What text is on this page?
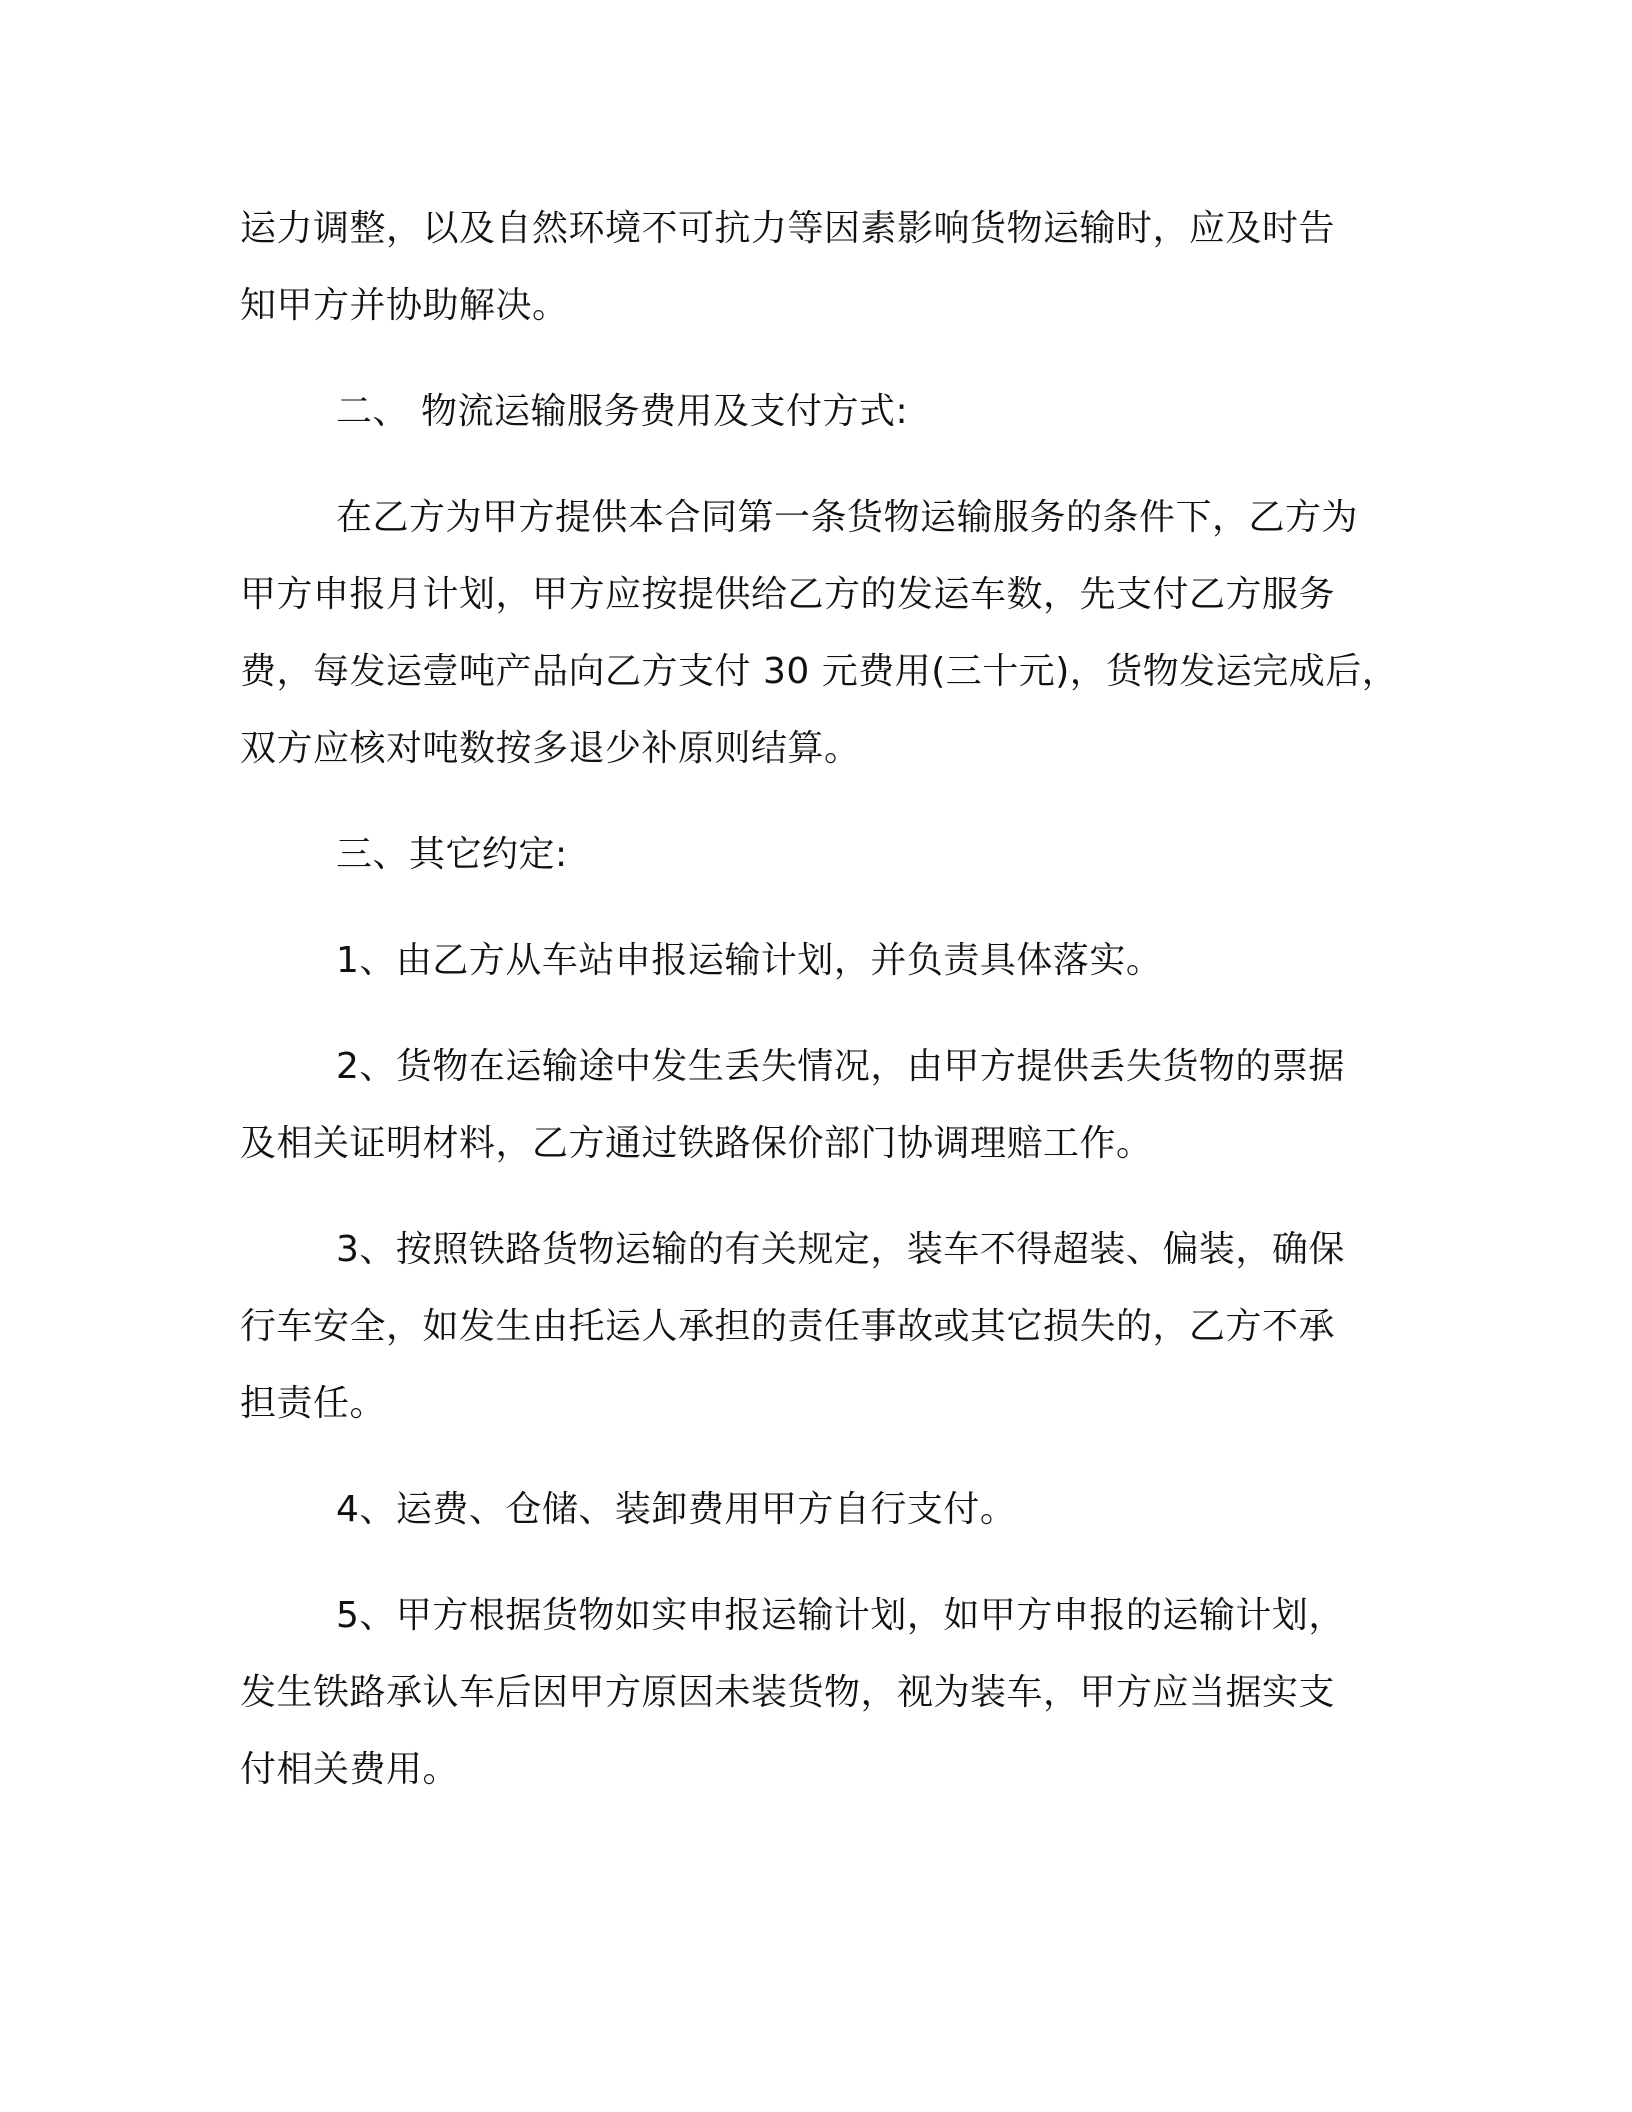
运力调整，以及自然环境不可抗力等因素影响货物运输时，应及时告
知甲方并协助解决。

二、 物流运输服务费用及支付方式:

在乙方为甲方提供本合同第一条货物运输服务的条件下，乙方为
甲方申报月计划，甲方应按提供给乙方的发运车数，先支付乙方服务
费，每发运壹吨产品向乙方支付 30 元费用(三十元)，货物发运完成后，
双方应核对吨数按多退少补原则结算。

三、其它约定:

1、由乙方从车站申报运输计划，并负责具体落实。

2、货物在运输途中发生丢失情况，由甲方提供丢失货物的票据
及相关证明材料，乙方通过铁路保价部门协调理赔工作。

3、按照铁路货物运输的有关规定，装车不得超装、偏装，确保
行车安全，如发生由托运人承担的责任事故或其它损失的，乙方不承
担责任。

4、运费、仓储、装卸费用甲方自行支付。

5、甲方根据货物如实申报运输计划，如甲方申报的运输计划，
发生铁路承认车后因甲方原因未装货物，视为装车，甲方应当据实支
付相关费用。
